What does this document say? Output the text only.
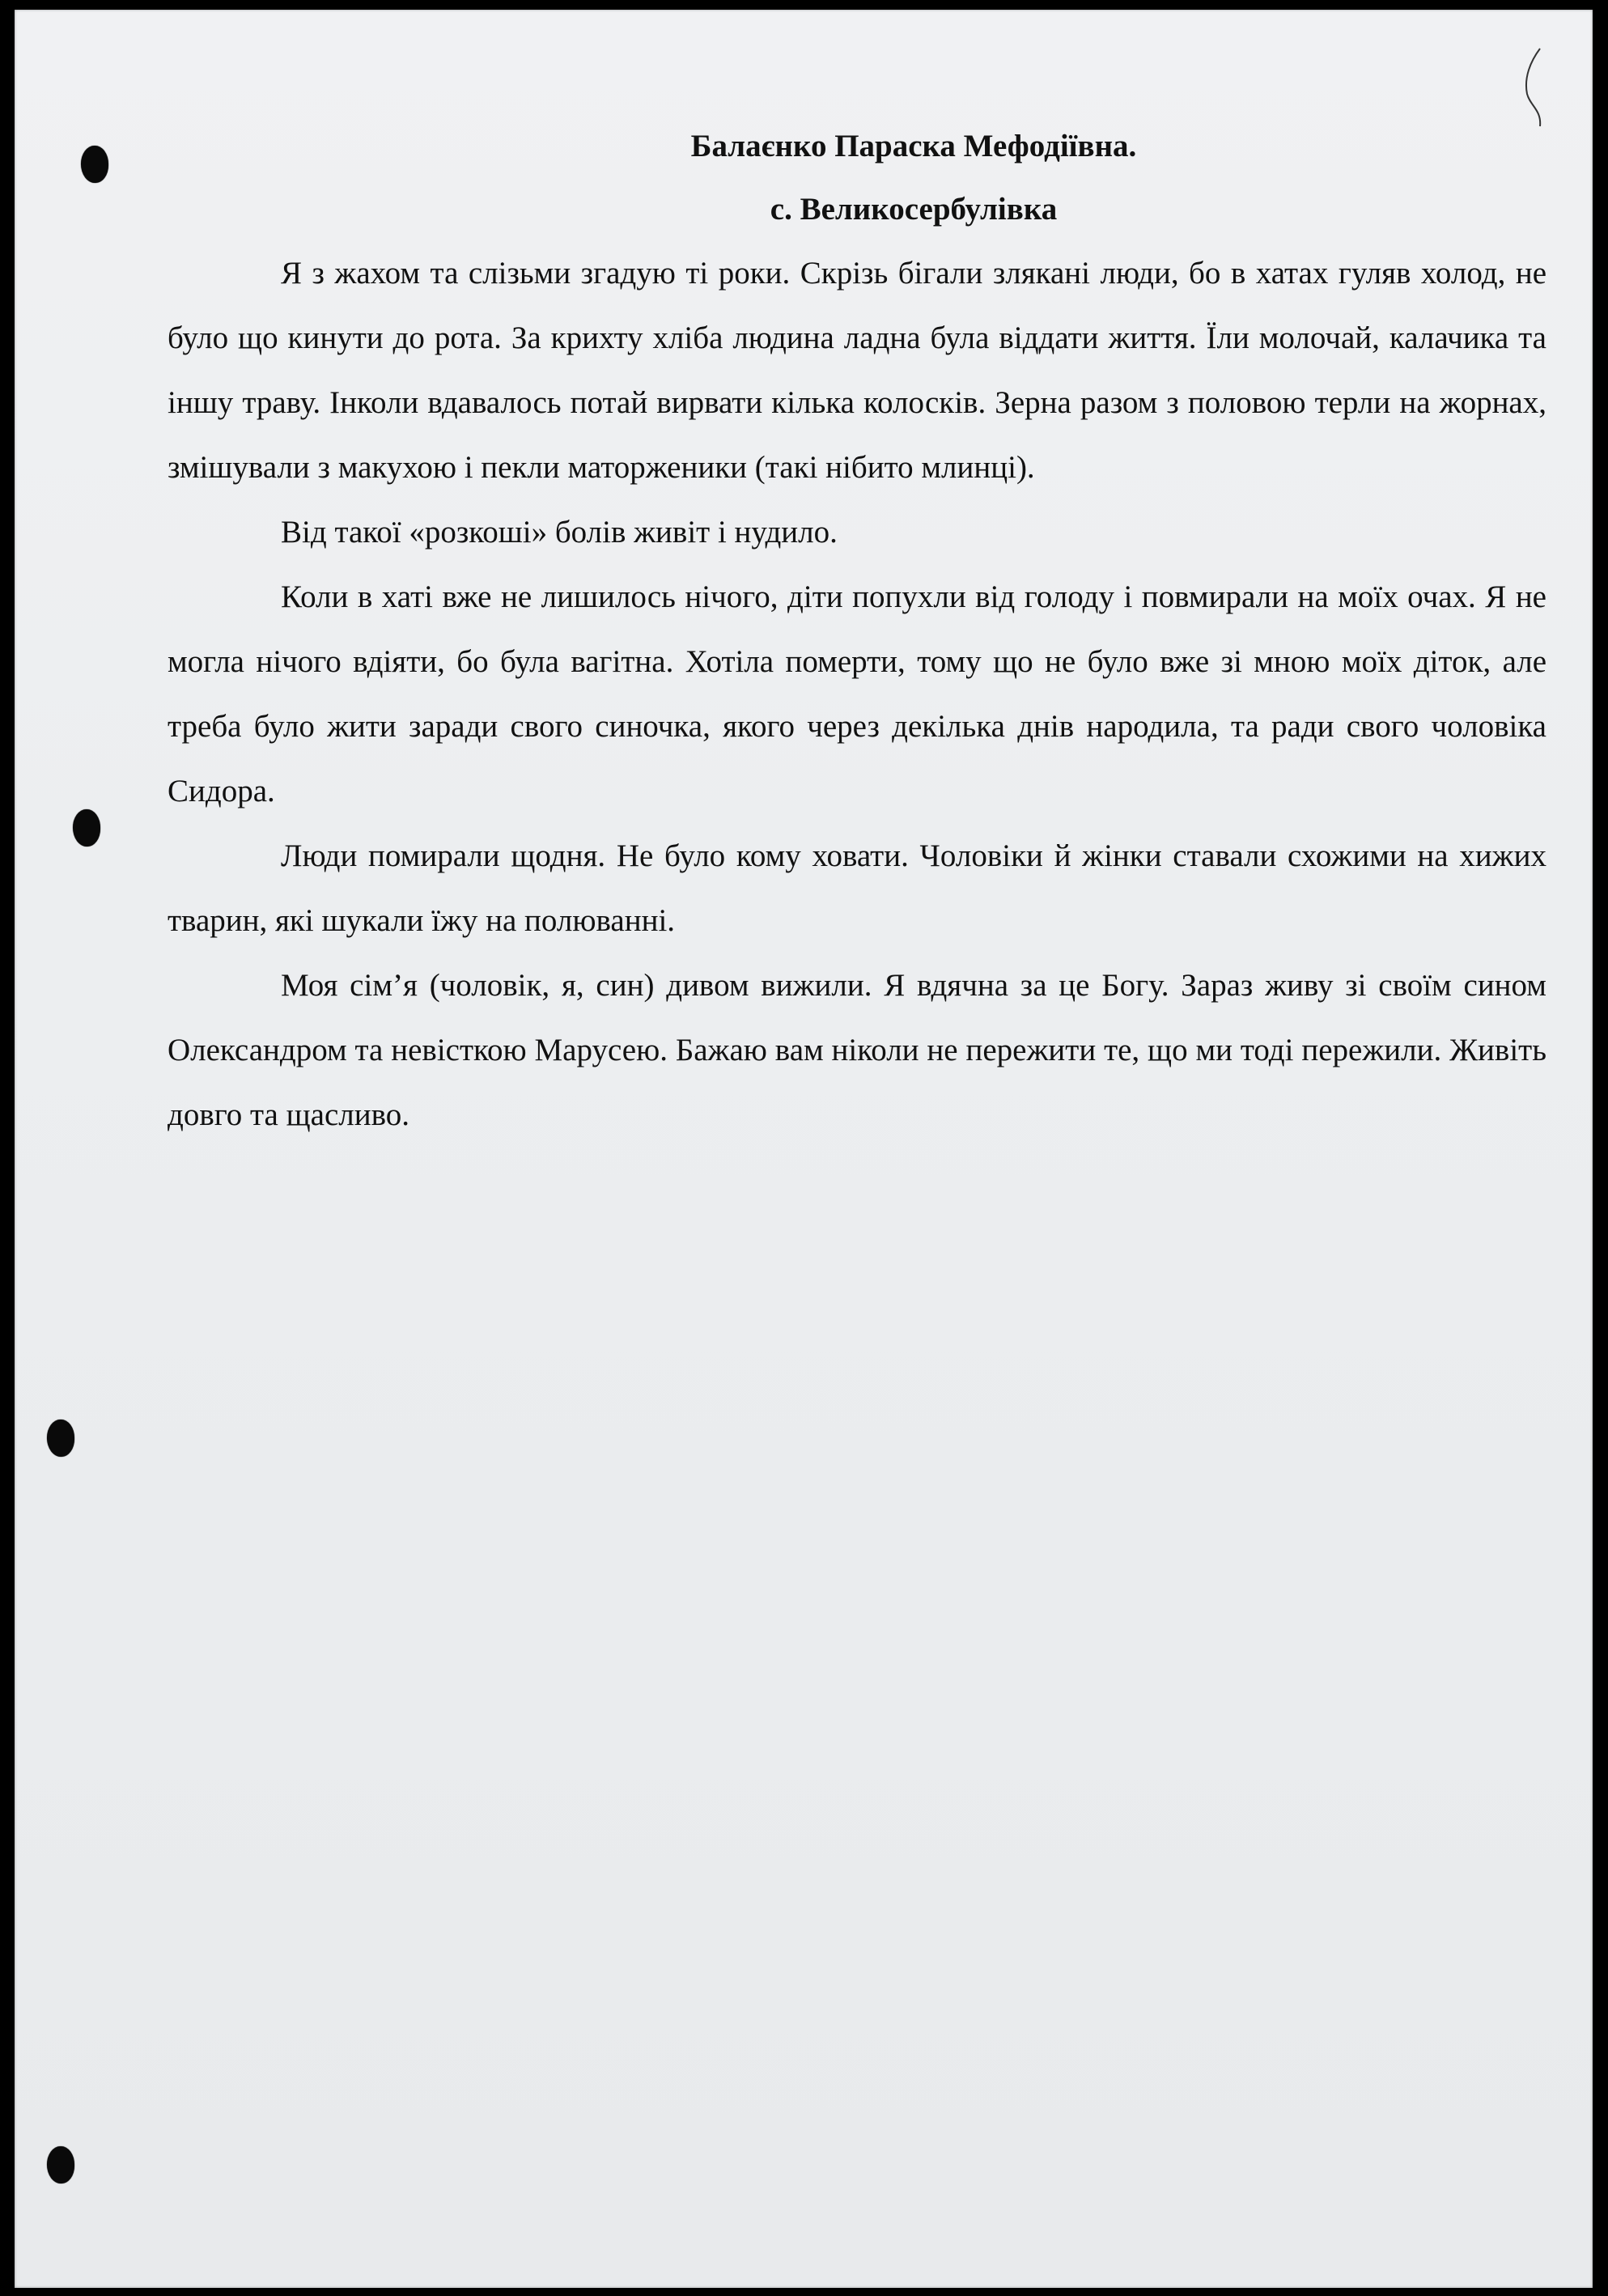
Балаєнко Параска Мефодіївна.

с. Великосербулівка

Я з жахом та слізьми згадую ті роки. Скрізь бігали злякані люди, бо в хатах гуляв холод, не було що кинути до рота. За крихту хліба людина ладна була віддати життя. Їли молочай, калачика та іншу траву. Інколи вдавалось потай вирвати кілька колосків. Зерна разом з половою терли на жорнах, змішували з макухою і пекли маторженики (такі нібито млинці).

Від такої «розкоші» болів живіт і нудило.

Коли в хаті вже не лишилось нічого, діти попухли від голоду і повмирали на моїх очах. Я не могла нічого вдіяти, бо була вагітна. Хотіла померти, тому що не було вже зі мною моїх діток, але треба було жити заради свого синочка, якого через декілька днів народила, та ради свого чоловіка Сидора.

Люди помирали щодня. Не було кому ховати. Чоловіки й жінки ставали схожими на хижих тварин, які шукали їжу на полюванні.

Моя сім’я (чоловік, я, син) дивом вижили. Я вдячна за це Богу. Зараз живу зі своїм сином Олександром та невісткою Марусею. Бажаю вам ніколи не пережити те, що ми тоді пережили. Живіть довго та щасливо.
